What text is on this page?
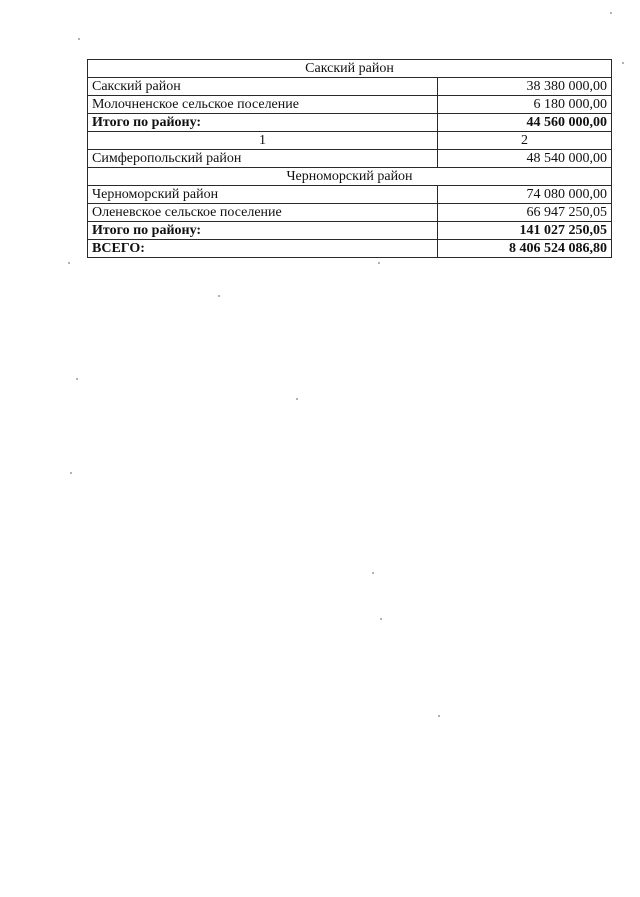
Сакский район	
Сакский район	38 380 000,00
Молочненское сельское поселение	6 180 000,00
Итого по району:	44 560 000,00
1	2
Симферопольский район	48 540 000,00
Черноморский район	
Черноморский район	74 080 000,00
Оленевское сельское поселение	66 947 250,05
Итого по району:	141 027 250,05
ВСЕГО:	8 406 524 086,80
